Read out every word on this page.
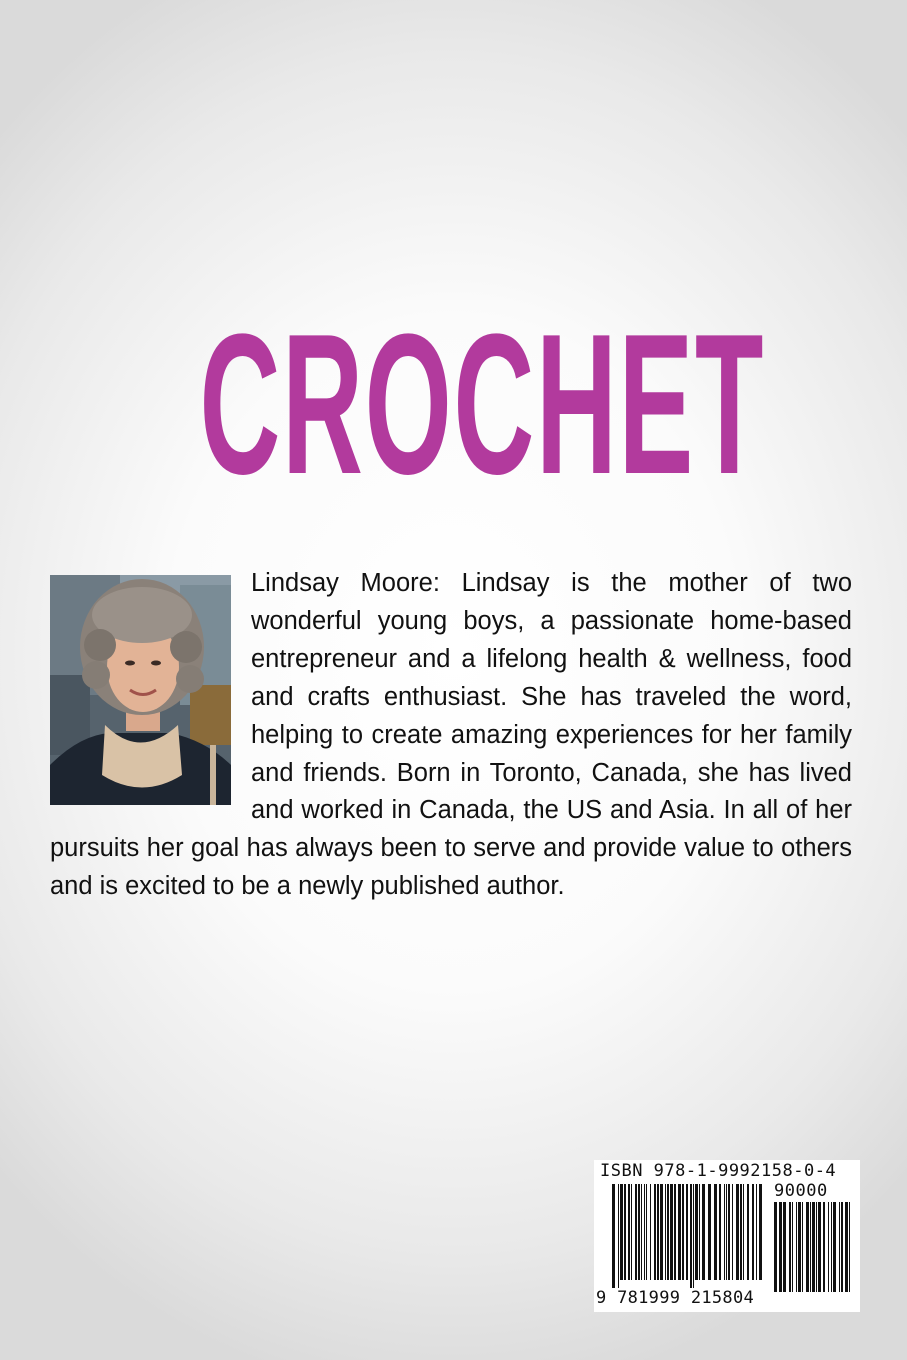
CROCHET
Lindsay Moore: Lindsay is the mother of two wonderful young boys, a passionate home-based entrepreneur and a lifelong health & wellness, food and crafts enthusiast. She has traveled the word, helping to create amazing experiences for her family and friends. Born in Toronto, Canada, she has lived and worked in Canada, the US and Asia. In all of her pursuits her goal has always been to serve and provide value to others and is excited to be a newly published author.
ISBN 978-1-9992158-0-4
90000
9 781999 215804
